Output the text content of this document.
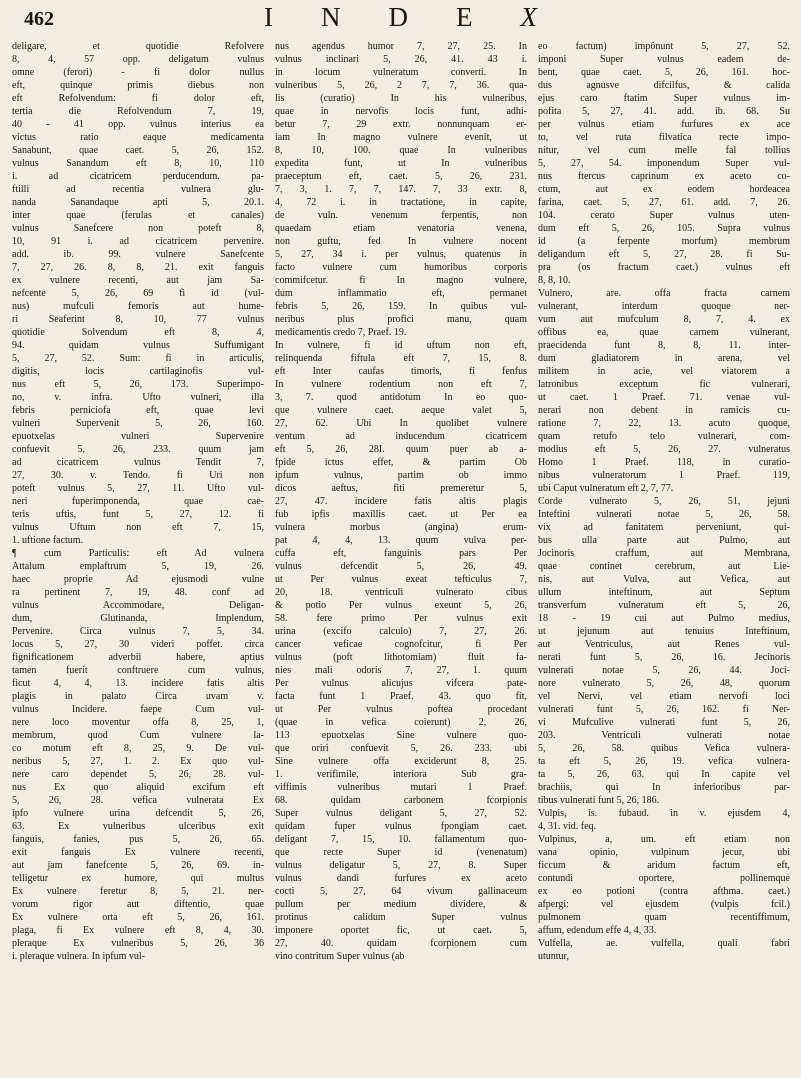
462	I N D E X
deligare, et quotidie Refolvere
8, 4, 57 opp. deligatum vulnus
omne (ferori) - fi dolor nullus
eft, quinque primis diebus non
eft Refolvendum: fi dolor eft,
tertia die Refolvendum 7, 19,
40 - 41 opp. vulnus interius ea
victus ratio eaque medicamenta
Sanabunt, quae caet. 5, 26, 152.
vulnus Sanandum eft 8, 10, 110
i. ad cicatricem perducendum. pa-
ftilli ad recentia vulnera glu-
nanda Sanandaque apti 5, 20.1.
inter quae (ferulas et canales)
vulnus Sanefcere non poteft 8,
10, 91 i. ad cicatricem pervenire.
add. ib. 99. vulnere Sanefcente
7, 27, 26. 8, 8, 21. exit fanguis
ex vulnere recenti, aut jam Sa-
nefcente 5, 26, 69 fi id (vul-
nus) mufculi femoris aut hume-
ri Seaferint 8, 10, 77 vulnus
quotidie Solvendum eft 8, 4,
94. quidam vulnus Suffumigant
5, 27, 52. Sum: fi in articulis,
digitis, locis cartilaginofis vul-
nus eft 5, 26, 173. Superimpo-
no, v. infra. Ufto vulneri, illa
febris perniciofa eft, quae levi
vulneri Supervenit 5, 26, 160.
epuotxelas vulneri Supervenire
confuevit 5, 26, 233. quum jam
ad cicatricem vulnus Tendit 7,
27, 30. v. Tendo. fi Uri non
poteft vulnus 5, 27, 11. Ufto vul-
neri fuperimponenda, quae cae-
teris uftis, funt 5, 27, 12. fi
vulnus Uftum non eft 7, 15,
1. uftione factum.
¶ cum Particulis: eft Ad vulnera
Attalum emplaftrum 5, 19, 26.
haec proprie Ad ejusmodi vulne
ra pertinent 7, 19, 48. conf ad
vulnus Accommodare, Deligan-
dum, Glutinanda, Implendum,
Pervenire. Circa vulnus 7, 5, 34.
locus 5, 27, 30 videri poffet. circa
fignificationem adverbii habere, aptius
tamen fuerit conftruere cum vulnus,
ficut 4, 4, 13. incidere fatis altis
plagis in palato Circa uvam v.
vulnus Incidere. faepe Cum vul-
nere loco moventur offa 8, 25, 1,
membrum, quod Cum vulnere la-
co motum eft 8, 25, 9. De vul-
neribus 5, 27, 1. 2. Ex quo vul-
nere caro dependet 5, 26, 28. vul-
nus Ex quo aliquid excifum eft
5, 26, 28. vefica vulnerata Ex
ipfo vulnere urina defcendit 5, 26,
63. Ex vulneribus ulceribus exit
fanguis, fanies, pus 5, 26, 65.
exit fanguis Ex vulnere recenti,
aut jam fanefcente 5, 26, 69. in-
telligetur ex humore, qui multus
Ex vulnere feretur 8, 5, 21. ner-
vorum rigor aut diftentio, quae
Ex vulnere orta eft 5, 26, 161.
plaga, fi Ex vulnere eft 8, 4, 30.
pleraque Ex vulneribus 5, 26, 36
i. pleraque vulnera. In ipfum vul-
nus agendus humor 7, 27, 25. In
vulnus inclinari 5, 26, 41. 43 i.
in locum vulneratum converti. In
vulneribus 5, 26, 2 7, 7, 36. qua-
lis (curatio) In his vulneribus,
quae in nervofis locis funt, adhi-
betur 7, 29 extr. nonnunquam er-
iam In magno vulnere evenit, ut
8, 10, 100. quae In vulneribus
expedita funt, ut In vulneribus
praeceptum eft, caet. 5, 26, 231.
7, 3, 1. 7, 7, 147. 7, 33 extr. 8,
4, 72 i. in tractatione, in capite,
de vuln. venenum ferpentis, non
quaedam etiam venatoria venena,
non guftu, fed In vulnere nocent
5, 27, 34 i. per vulnus, quatenus in
facto vulnere cum humoribus corporis
commifcetur. fi In magno vulnere,
dum inflammatio eft, permanet
febris 5, 26, 159. In quibus vul-
neribus plus profici manu, quam
medicamentis credo 7, Praef. 19.
In vulnere, fi id uftum non eft,
relinquenda fiftula eft 7, 15, 8.
eft Inter caufas timoris, fi fenfus
In vulnere rodentium non eft 7,
3, 7. quod antidotum In eo quo-
que vulnere caet. aeque valet 5,
27, 62. Ubi In quolibet vulnere
ventum ad inducendum cicatricem
eft 5, 26, 28I. quum puer ab a-
fpide ictus effet, & partim Ob
ipfum vulnus, partim ob immo
dicos aeftus, fiti premeretur 5,
27, 47. incidere fatis altis plagis
fub ipfis maxillis caet. ut Per ea
vulnera morbus (angina) erum-
pat 4, 4, 13. quum vulva per-
cuffa eft, fanguinis pars Per
vulnus defcendit 5, 26, 49.
ut Per vulnus exeat tefticulus 7,
20, 18. ventriculi vulnerato cibus
& potio Per vulnus exeunt 5, 26,
58. fere primo Per vulnus exit
urina (excifo calculo) 7, 27, 26.
cancer veficae cognofcitur, fi Per
vulnus (poft lithotomiam) fluit fa-
nies mali odoris 7, 27, 1. quum
Per vulnus alicujus vifcera pate-
facta funt 1 Praef. 43. quo fit,
ut Per vulnus poftea procedant
(quae in vefica coierunt) 2, 26,
113 epuotxelas Sine vulnere quo-
que oriri confuevit 5, 26. 233. ubi
Sine vulnere offa exciderunt 8, 25.
1. verifimile, interiora Sub gra-
viffimis vulneribus mutari 1 Praef.
68. quidam carbonem fcorpionis
Super vulnus deligant 5, 27, 52.
quidam fuper vulnus fpongiam caet.
deligant 7, 15, 10. fallamentum quo-
que recte Super id (venenatum)
vulnus deligatur 5, 27, 8. Super
vulnus dandi furfures ex aceto
cocti 5, 27, 64 vivum gallinaceum
pullum per medium dividere, &
protinus calidum Super vulnus
imponere oportet fic, ut caet. 5,
27, 40. quidam fcorpionem cum
vino contritum Super vulnus (ab
eo factum) impônunt 5, 27, 52.
imponi Super vulnus eadem de-
bent, quae caet. 5, 26, 161. hoc-
dus agnusve difcilfus, & calida
ejus caro ftatim Super vulnus im-
pofita 5, 27, 41. add. ib. 68. Su
per vulnus etiam furfures ex ace
to, vel ruta filvatica recte impo-
nitur, vel cum melle fal tollius
5, 27, 54. imponendum Super vul-
nus ftercus caprinum ex aceto co-
ctum, aut ex eodem hordeacea
farina, caet. 5, 27, 61. add. 7, 26.
104. cerato Super vulnus uten-
dum eft 5, 26, 105. Supra vulnus
id (a ferpente morfum) membrum
deligandum eft 5, 27, 28. fi Su-
pra (os fractum caet.) vulnus eft
8, 8, 10.
Vulnero, are. offa fracta carnem
vulnerant, interdum quoque ner-
vum aut mufculum 8, 7, 4. ex
offibus ea, quae carnem vulnerant,
praecidenda funt 8, 8, 11. inter-
dum gladiatorem in arena, vel
militem in acie, vel viatorem a
latronibus exceptum fic vulnerari,
ut caet. 1 Praef. 71. venae vul-
nerari non debent in ramicis cu-
ratione 7, 22, 13. acuto quoque,
quam retufo telo vulnerari, com-
modius eft 5, 26, 27. vulneratus
Homo 1 Praef. 118, in curatio-
nibus vulneratorum 1 Praef. 119,
ubi Caput vulneratum eft 2, 7, 77.
Corde vulnerato 5, 26, 51, jejuni
Inteftini vulnerati notae 5, 26, 58.
vix ad fanitatem perveniunt, qui-
bus ulla parte aut Pulmo, aut
Jocinoris craffum, aut Membrana,
quae continet cerebrum, aut Lie-
nis, aut Vulva, aut Vefica, aut
ullum inteftinum, aut Septum
transverfum vulneratum eft 5, 26,
18 - 19 cui aut Pulmo medius,
ut jejunum aut tenuius Inteftinum,
aut Ventriculus, aut Renes vul-
nerati funt 5, 26, 16. Jecinoris
vulnerati notae 5, 26, 44. Joci-
nore vulnerato 5, 26, 48, quorum
vel Nervi, vel etiam nervofi loci
vulnerati funt 5, 26, 162. fi Ner-
vi Mufculive vulnerati funt 5, 26,
203. Ventriculi vulnerati notae
5, 26, 58. quibus Vefica vulnera-
ta eft 5, 26, 19. vefica vulnera-
ta 5, 26, 63. qui In capite vel
brachiis, qui In inferioribus par-
tibus vulnerati funt 5, 26, 186.
Vulpis, is. fubaud. in v. ejusdem 4,
4, 31. vid. feq.
Vulpinus, a, um. eft etiam non
vana opinio, vulpinum jecur, ubi
ficcum & aridum factum eft,
contundi oportere, pollinemque
ex eo potioni (contra afthma. caet.)
afpergi: vel ejusdem (vulpis fcil.)
pulmonem quam recentiffimum,
affum, edendum effe 4, 4, 33.
Vulfella, ae. vulfella, quali fabri
utuntur,
